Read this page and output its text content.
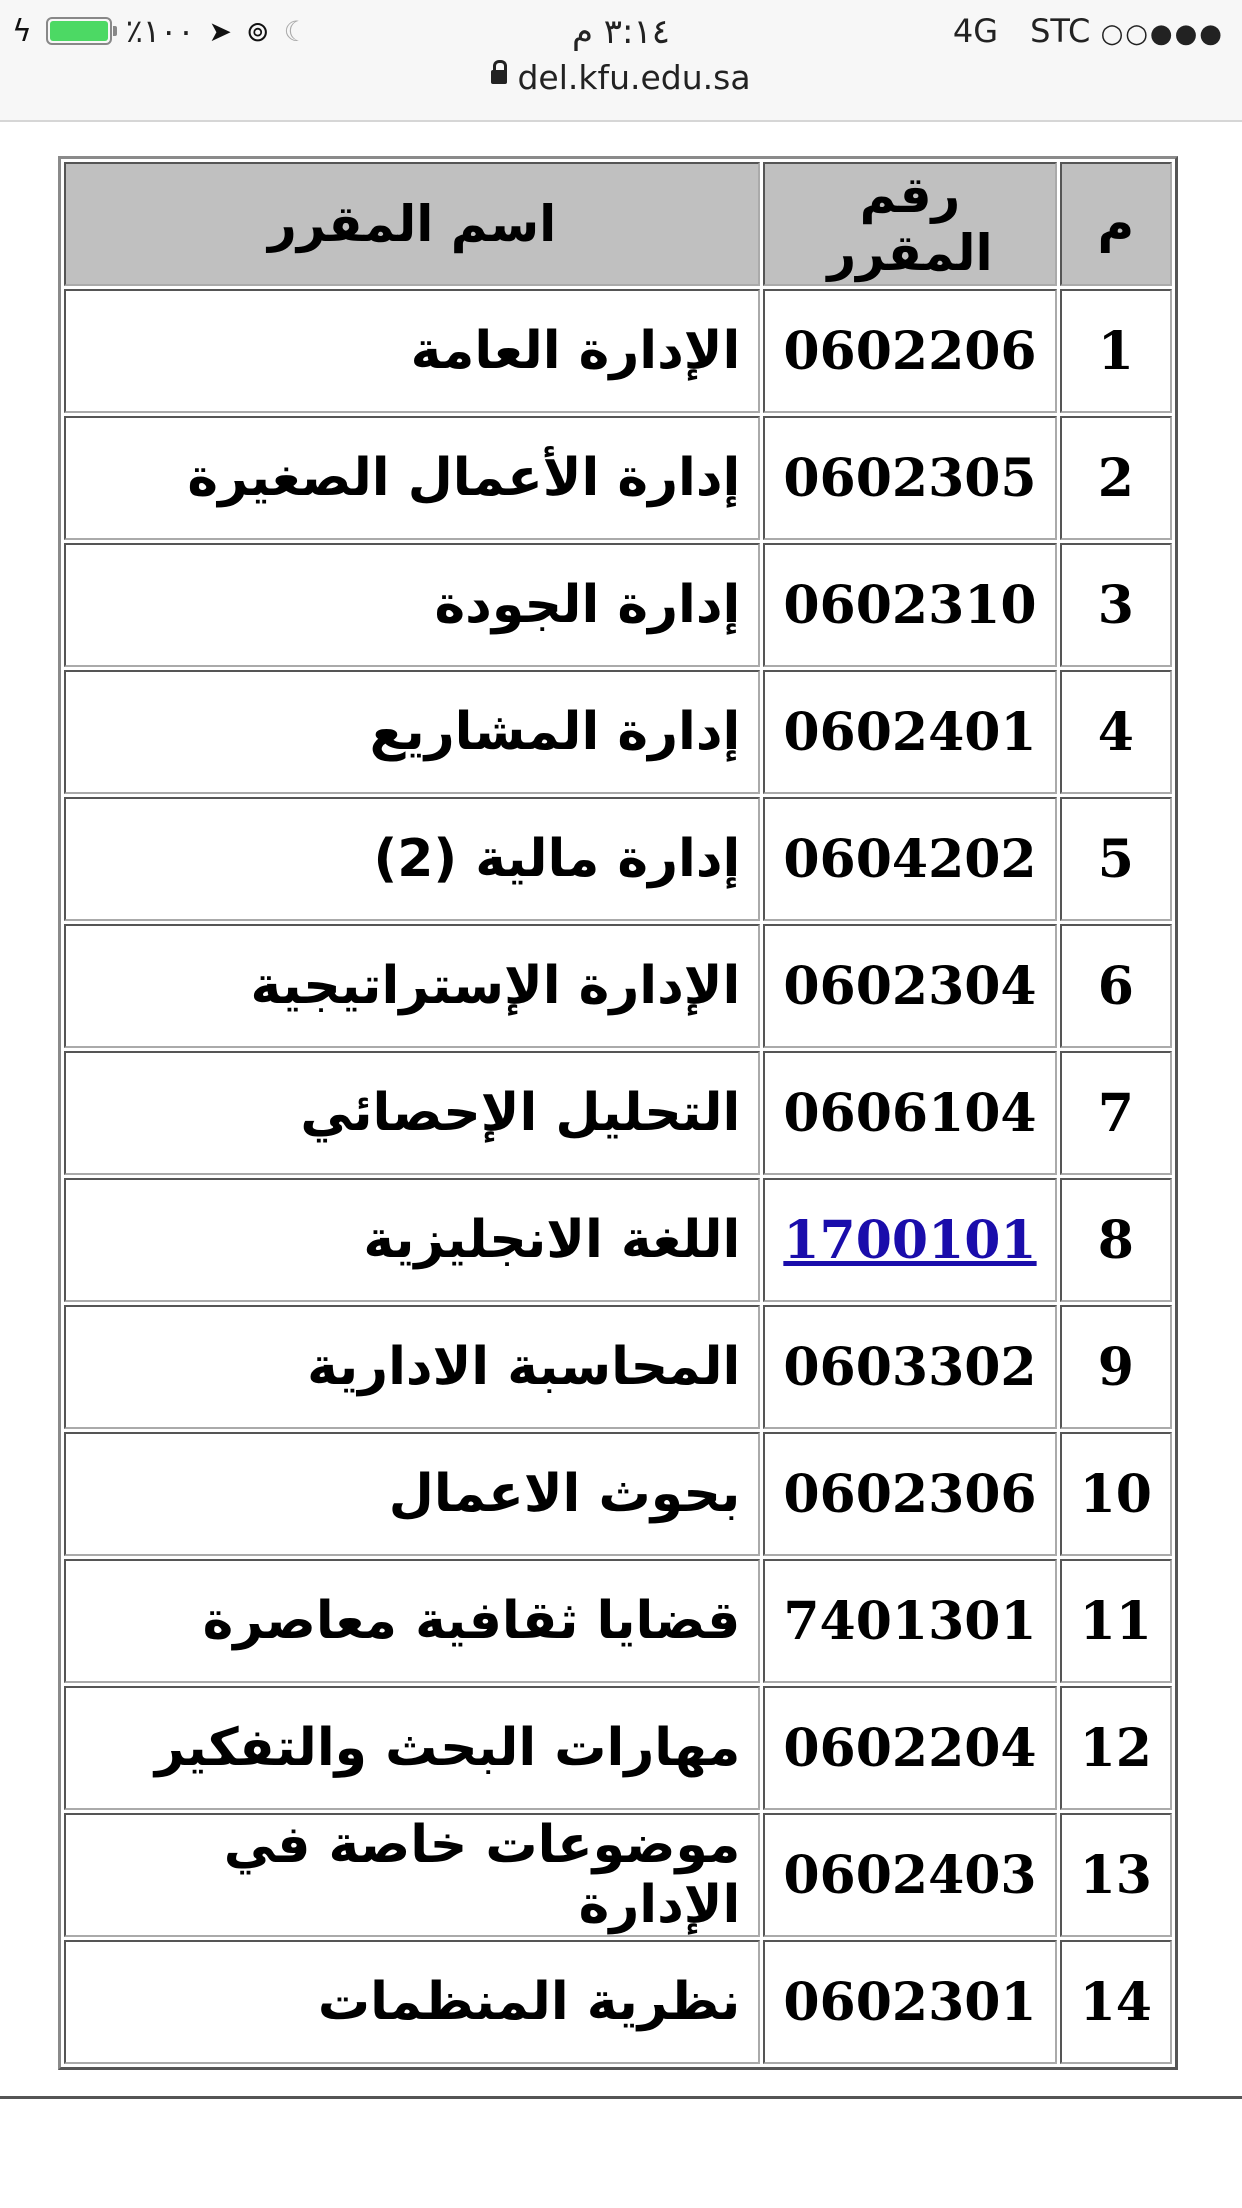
ϟ	٪١٠٠ ➤ ⊚ ☾	٣:١٤ م	4G STC ○○●●●
del.kfu.edu.sa
م	رقم المقرر	اسم المقرر
1	0602206	الإدارة العامة
2	0602305	إدارة الأعمال الصغيرة
3	0602310	إدارة الجودة
4	0602401	إدارة المشاريع
5	0604202	إدارة مالية (2)
6	0602304	الإدارة الإستراتيجية
7	0606104	التحليل الإحصائي
8	1700101	اللغة الانجليزية
9	0603302	المحاسبة الادارية
10	0602306	بحوث الاعمال
11	7401301	قضايا ثقافية معاصرة
12	0602204	مهارات البحث والتفكير
13	0602403	موضوعات خاصة في الإدارة
14	0602301	نظرية المنظمات
